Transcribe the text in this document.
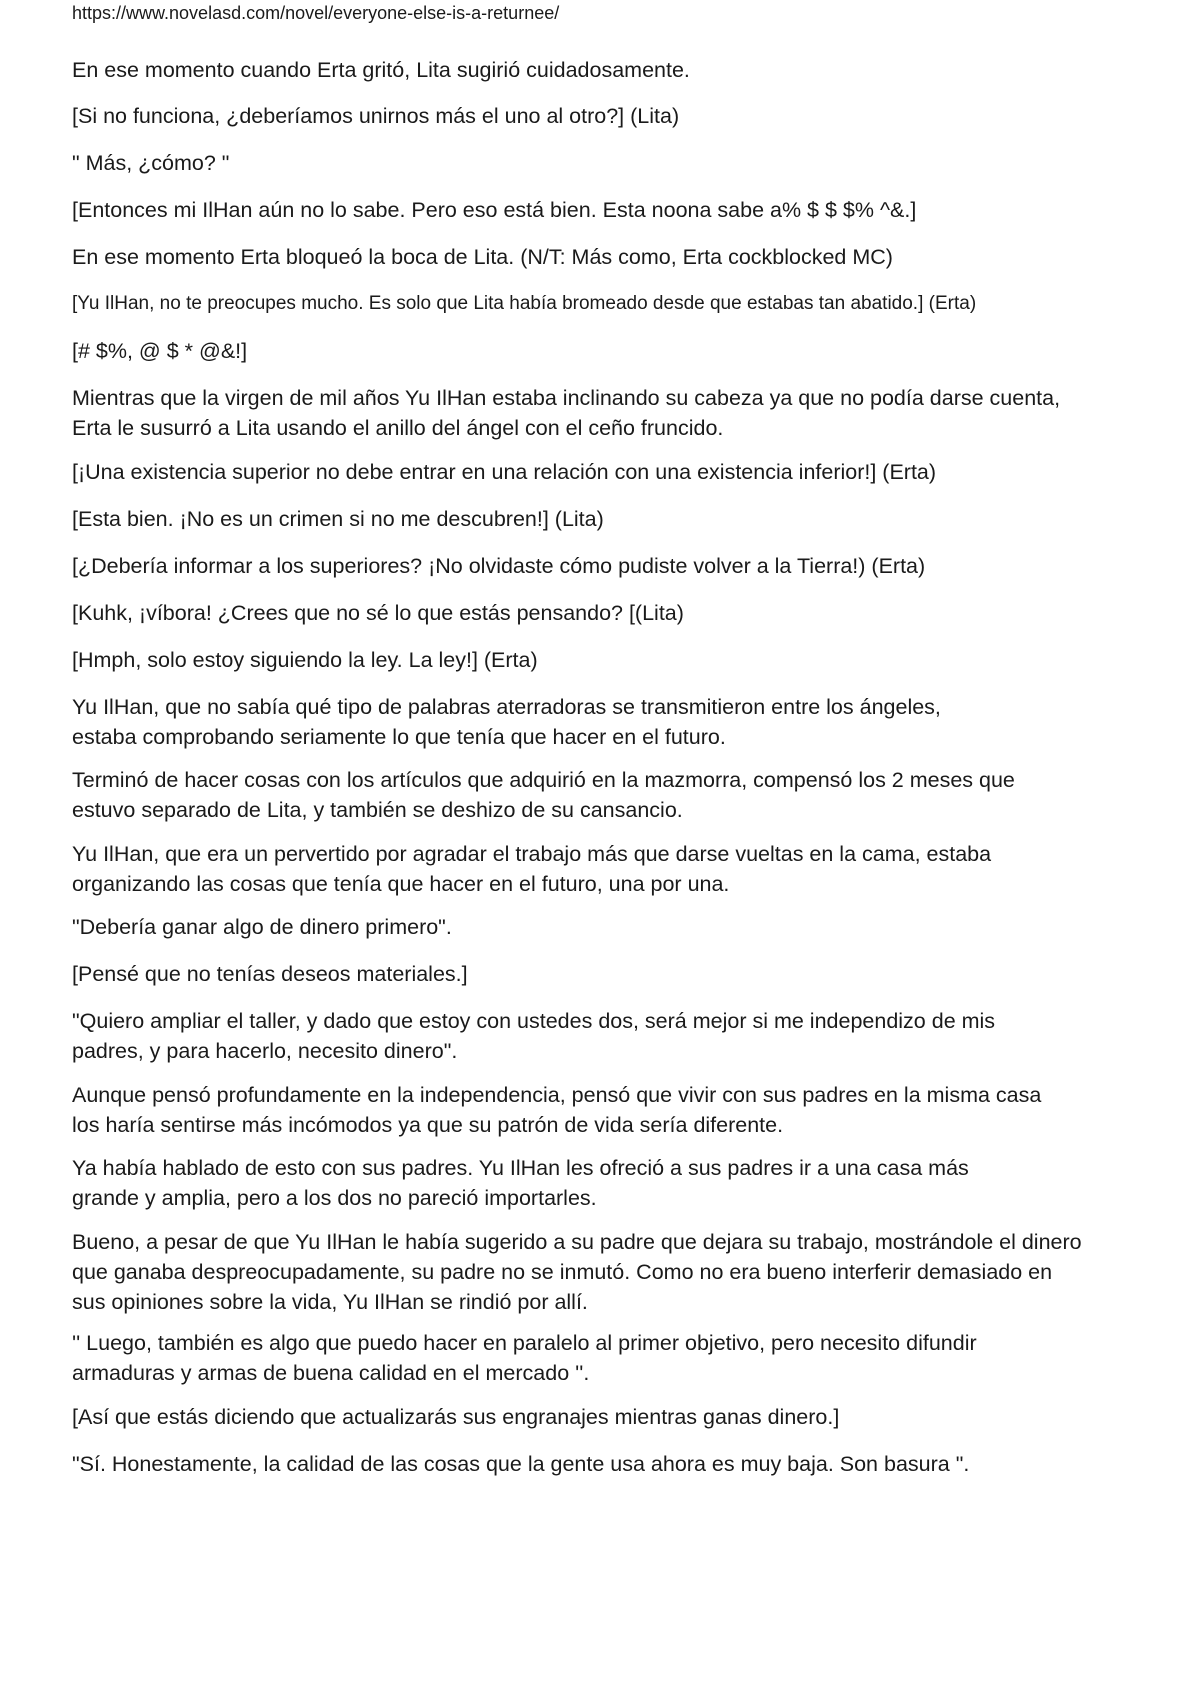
https://www.novelasd.com/novel/everyone-else-is-a-returnee/
En ese momento cuando Erta gritó, Lita sugirió cuidadosamente.
[Si no funciona, ¿deberíamos unirnos más el uno al otro?] (Lita)
" Más, ¿cómo? "
[Entonces mi IlHan aún no lo sabe. Pero eso está bien. Esta noona sabe a% $ $ $% ^&.]
En ese momento Erta bloqueó la boca de Lita. (N/T: Más como, Erta cockblocked MC)
[Yu IlHan, no te preocupes mucho. Es solo que Lita había bromeado desde que estabas tan abatido.] (Erta)
[# $%, @ $ * @&!]
Mientras que la virgen de mil años Yu IlHan estaba inclinando su cabeza ya que no podía darse cuenta,
Erta le susurró a Lita usando el anillo del ángel con el ceño fruncido.
[¡Una existencia superior no debe entrar en una relación con una existencia inferior!] (Erta)
[Esta bien. ¡No es un crimen si no me descubren!] (Lita)
[¿Debería informar a los superiores? ¡No olvidaste cómo pudiste volver a la Tierra!) (Erta)
[Kuhk, ¡víbora! ¿Crees que no sé lo que estás pensando? [(Lita)
[Hmph, solo estoy siguiendo la ley. La ley!] (Erta)
Yu IlHan, que no sabía qué tipo de palabras aterradoras se transmitieron entre los ángeles,
estaba comprobando seriamente lo que tenía que hacer en el futuro.
Terminó de hacer cosas con los artículos que adquirió en la mazmorra, compensó los 2 meses que
estuvo separado de Lita, y también se deshizo de su cansancio.
Yu IlHan, que era un pervertido por agradar el trabajo más que darse vueltas en la cama, estaba
organizando las cosas que tenía que hacer en el futuro, una por una.
"Debería ganar algo de dinero primero".
[Pensé que no tenías deseos materiales.]
"Quiero ampliar el taller, y dado que estoy con ustedes dos, será mejor si me independizo de mis
padres, y para hacerlo, necesito dinero".
Aunque pensó profundamente en la independencia, pensó que vivir con sus padres en la misma casa
los haría sentirse más incómodos ya que su patrón de vida sería diferente.
Ya había hablado de esto con sus padres. Yu IlHan les ofreció a sus padres ir a una casa más
grande y amplia, pero a los dos no pareció importarles.
Bueno, a pesar de que Yu IlHan le había sugerido a su padre que dejara su trabajo, mostrándole el dinero
que ganaba despreocupadamente, su padre no se inmutó. Como no era bueno interferir demasiado en
sus opiniones sobre la vida, Yu IlHan se rindió por allí.
'' Luego, también es algo que puedo hacer en paralelo al primer objetivo, pero necesito difundir
armaduras y armas de buena calidad en el mercado ''.
[Así que estás diciendo que actualizarás sus engranajes mientras ganas dinero.]
"Sí. Honestamente, la calidad de las cosas que la gente usa ahora es muy baja. Son basura ".
